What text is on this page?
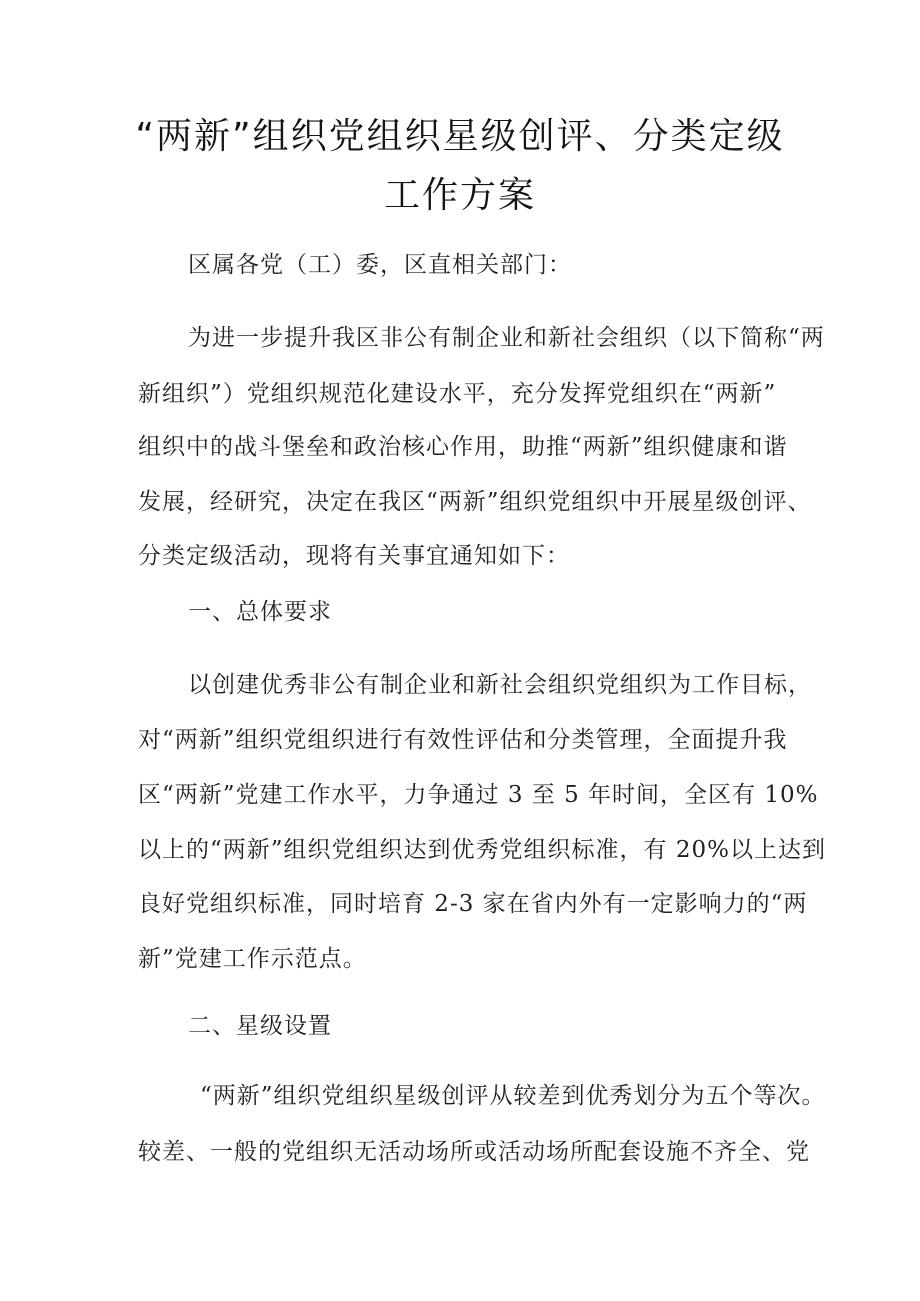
“两新”组织党组织星级创评、分类定级
工作方案
区属各党（工）委，区直相关部门：
为进一步提升我区非公有制企业和新社会组织（以下简称“两
新组织”）党组织规范化建设水平，充分发挥党组织在“两新”
组织中的战斗堡垒和政治核心作用，助推“两新”组织健康和谐
发展，经研究，决定在我区“两新”组织党组织中开展星级创评、
分类定级活动，现将有关事宜通知如下：
一、总体要求
以创建优秀非公有制企业和新社会组织党组织为工作目标，
对“两新”组织党组织进行有效性评估和分类管理，全面提升我
区“两新”党建工作水平，力争通过 3 至 5 年时间，全区有 10%
以上的“两新”组织党组织达到优秀党组织标准，有 20%以上达到
良好党组织标准，同时培育 2-3 家在省内外有一定影响力的“两
新”党建工作示范点。
二、星级设置
“两新”组织党组织星级创评从较差到优秀划分为五个等次。
较差、一般的党组织无活动场所或活动场所配套设施不齐全、党
